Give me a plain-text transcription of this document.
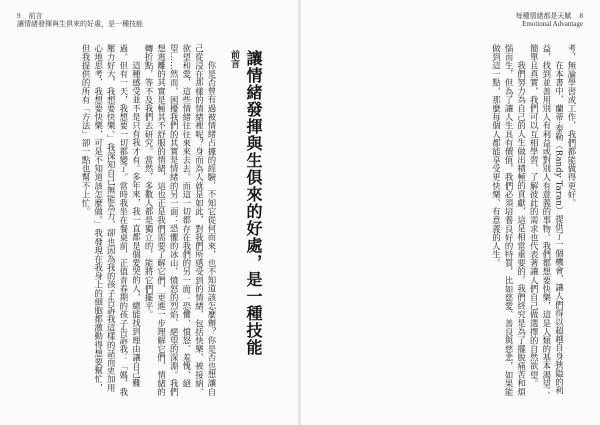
9 前言
讓情緒發揮與生俱來的好處，是一種技能

你是否曾有過被情緒占據的經驗，不知它從何而來，也不知道該怎麼辦？你是否也想讓自己從浸在那樣的情緒裡呢？身而為人就是如此，對我們所感受到的情緒，包括快樂、被接納、欲望和愛，這些情緒往往來來去去。而這一切都存在我們的另一面：恐懼、憤怒、羞愧、絕望……然而，困擾我們的其實是情緒的另一面：恐懼的冰山、憤怒的烈焰、絕望的深淵。我們想逃離的其實是極其不舒服的情緒，這也正是我們需要了解它們、更進一步理解它們，情緒的轉折點，等不及我們去研究。當然，多數人都是獨立的，能將它們擺平。

這種感受並不是只有我才有。多年來，我一直都是個愛哭的人，總能找到理由讓自己難過。但有一天，我想要一切都變了。當時我坐在餐桌前，正值青春期的孩子告訴我：「媽，我壓力好大，我想要快樂。」我深知自己無能為力，卻也因為我的孩子告訴我這樣的話而更加用心地思考，我想要快樂，可是不知道該怎麼做。」我發現在我身上的細胞都激動得想要幫忙，但我提供的所有「方法」卻一點也幫不上忙。	前言 讓情緒發揮與生俱來的好處，是一種技能
每種情緒都是天賦 8
Emotional Advantage

考，無論學習或工作，我們都能做得更好。

在本書中，蘭蒂‧泰勒（Randy Taran）提供了一個機會，讓人們得以超越自身狹隘的利益，找到並善用別人有利益或對別人有意義的事物。我們都想要快樂，這是人類的基本渴望；簡單且真實，我們可以互相學習，了解彼此的需求也代表著讓人們自己做選擇的自然欲望。

我們努力為自己的人生做出積極的貢獻，這是相當重要的。我們終究是為了擺脫痛苦和煩惱而生，但為了讓人生具有價值，我們必須培養良好的特質，比如慈愛、善良與慈悲，如果能做到這一點，那麼每個人都能享受更快樂、有意義的人生。
